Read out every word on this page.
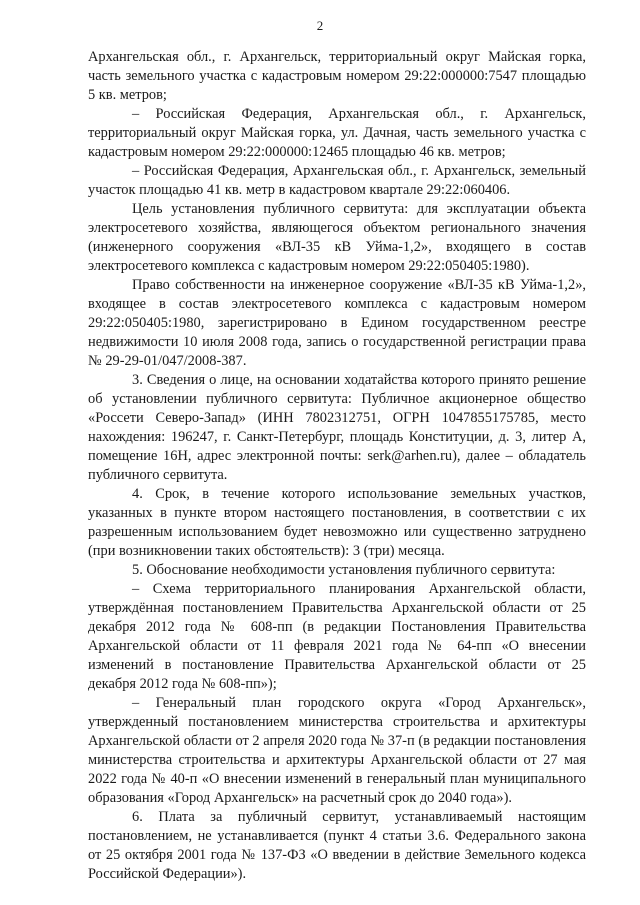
2

Архангельская обл., г. Архангельск, территориальный округ Майская горка, часть земельного участка с кадастровым номером 29:22:000000:7547 площадью 5 кв. метров;

– Российская Федерация, Архангельская обл., г. Архангельск, территориальный округ Майская горка, ул. Дачная, часть земельного участка с кадастровым номером 29:22:000000:12465 площадью 46 кв. метров;

– Российская Федерация, Архангельская обл., г. Архангельск, земельный участок площадью 41 кв. метр в кадастровом квартале 29:22:060406.

Цель установления публичного сервитута: для эксплуатации объекта электросетевого хозяйства, являющегося объектом регионального значения (инженерного сооружения «ВЛ-35 кВ Уйма-1,2», входящего в состав электросетевого комплекса с кадастровым номером 29:22:050405:1980).

Право собственности на инженерное сооружение «ВЛ-35 кВ Уйма-1,2», входящее в состав электросетевого комплекса с кадастровым номером 29:22:050405:1980, зарегистрировано в Едином государственном реестре недвижимости 10 июля 2008 года, запись о государственной регистрации права № 29-29-01/047/2008-387.

3. Сведения о лице, на основании ходатайства которого принято решение об установлении публичного сервитута: Публичное акционерное общество «Россети Северо-Запад» (ИНН 7802312751, ОГРН 1047855175785, место нахождения: 196247, г. Санкт-Петербург, площадь Конституции, д. 3, литер А, помещение 16Н, адрес электронной почты: serk@arhen.ru), далее – обладатель публичного сервитута.

4. Срок, в течение которого использование земельных участков, указанных в пункте втором настоящего постановления, в соответствии с их разрешенным использованием будет невозможно или существенно затруднено (при возникновении таких обстоятельств): 3 (три) месяца.

5. Обоснование необходимости установления публичного сервитута:

– Схема территориального планирования Архангельской области, утверждённая постановлением Правительства Архангельской области от 25 декабря 2012 года № 608-пп (в редакции Постановления Правительства Архангельской области от 11 февраля 2021 года № 64-пп «О внесении изменений в постановление Правительства Архангельской области от 25 декабря 2012 года № 608-пп»);

– Генеральный план городского округа «Город Архангельск», утвержденный постановлением министерства строительства и архитектуры Архангельской области от 2 апреля 2020 года № 37-п (в редакции постановления министерства строительства и архитектуры Архангельской области от 27 мая 2022 года № 40-п «О внесении изменений в генеральный план муниципального образования «Город Архангельск» на расчетный срок до 2040 года»).

6. Плата за публичный сервитут, устанавливаемый настоящим постановлением, не устанавливается (пункт 4 статьи 3.6. Федерального закона от 25 октября 2001 года № 137-ФЗ «О введении в действие Земельного кодекса Российской Федерации»).
